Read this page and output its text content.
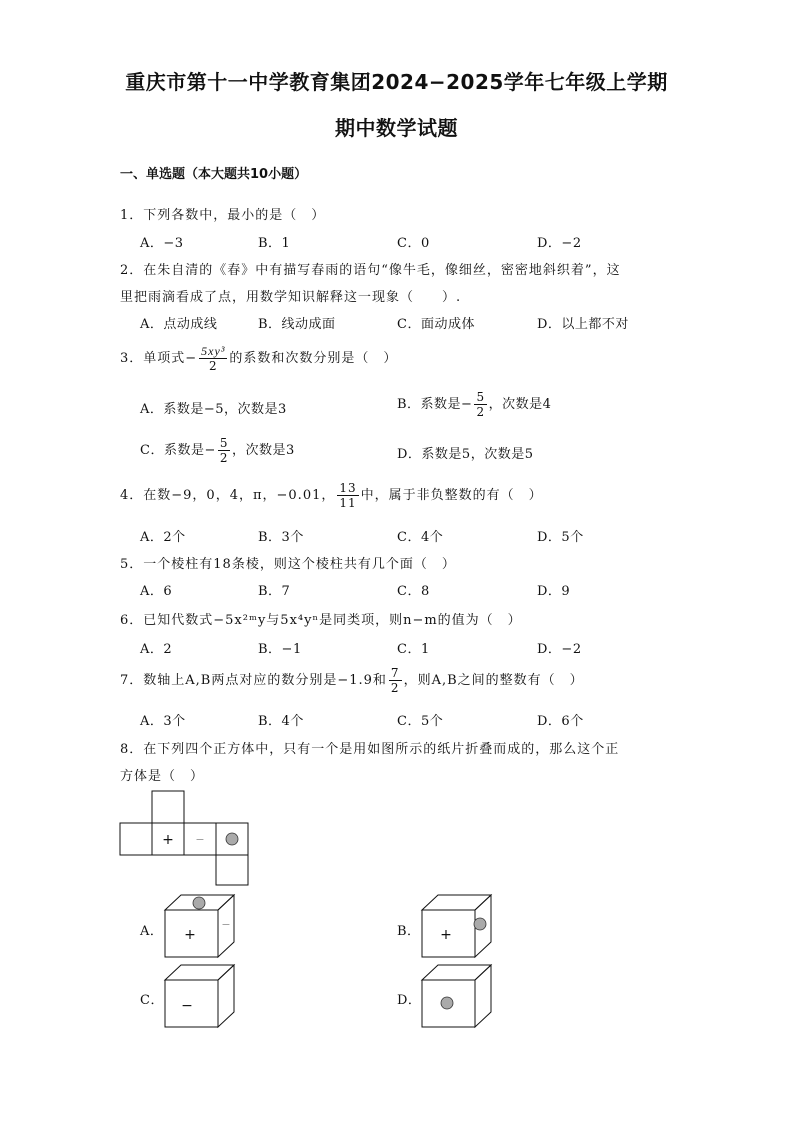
重庆市第十一中学教育集团2024−2025学年七年级上学期
期中数学试题
一、单选题（本大题共10小题）
1．下列各数中，最小的是（　）
A．−3	B．1	C．0	D．−2
2．在朱自清的《春》中有描写春雨的语句“像牛毛，像细丝，密密地斜织着”，这
里把雨滴看成了点，用数学知识解释这一现象（　　）.
A．点动成线	B．线动成面	C．面动成体	D．以上都不对
3．单项式− $\frac{\text{5xy³}}{2}$ 的系数和次数分别是（　）
A．系数是−5，次数是3	B．系数是− $\frac{5}{2}$ ，次数是4
C．系数是− $\frac{5}{2}$ ，次数是3	D．系数是5，次数是5
4．在数−9，0，4，π，−0.01， $\frac{13}{11}$ 中，属于非负整数的有（　）
A．2个	B．3个	C．4个	D．5个
5．一个棱柱有18条棱，则这个棱柱共有几个面（　）
A．6	B．7	C．8	D．9
6．已知代数式−5x²ᵐy与5x⁴yⁿ是同类项，则n−m的值为（　）
A．2	B．−1	C．1	D．−2
7．数轴上A,B两点对应的数分别是−1.9和 $\frac{7}{2}$ ，则A,B之间的整数有（　）
A．3个	B．4个	C．5个	D．6个
8．在下列四个正方体中，只有一个是用如图所示的纸片折叠而成的，那么这个正
方体是（　）
+ −
A．	B．
C．	D．
+
−
+
−
